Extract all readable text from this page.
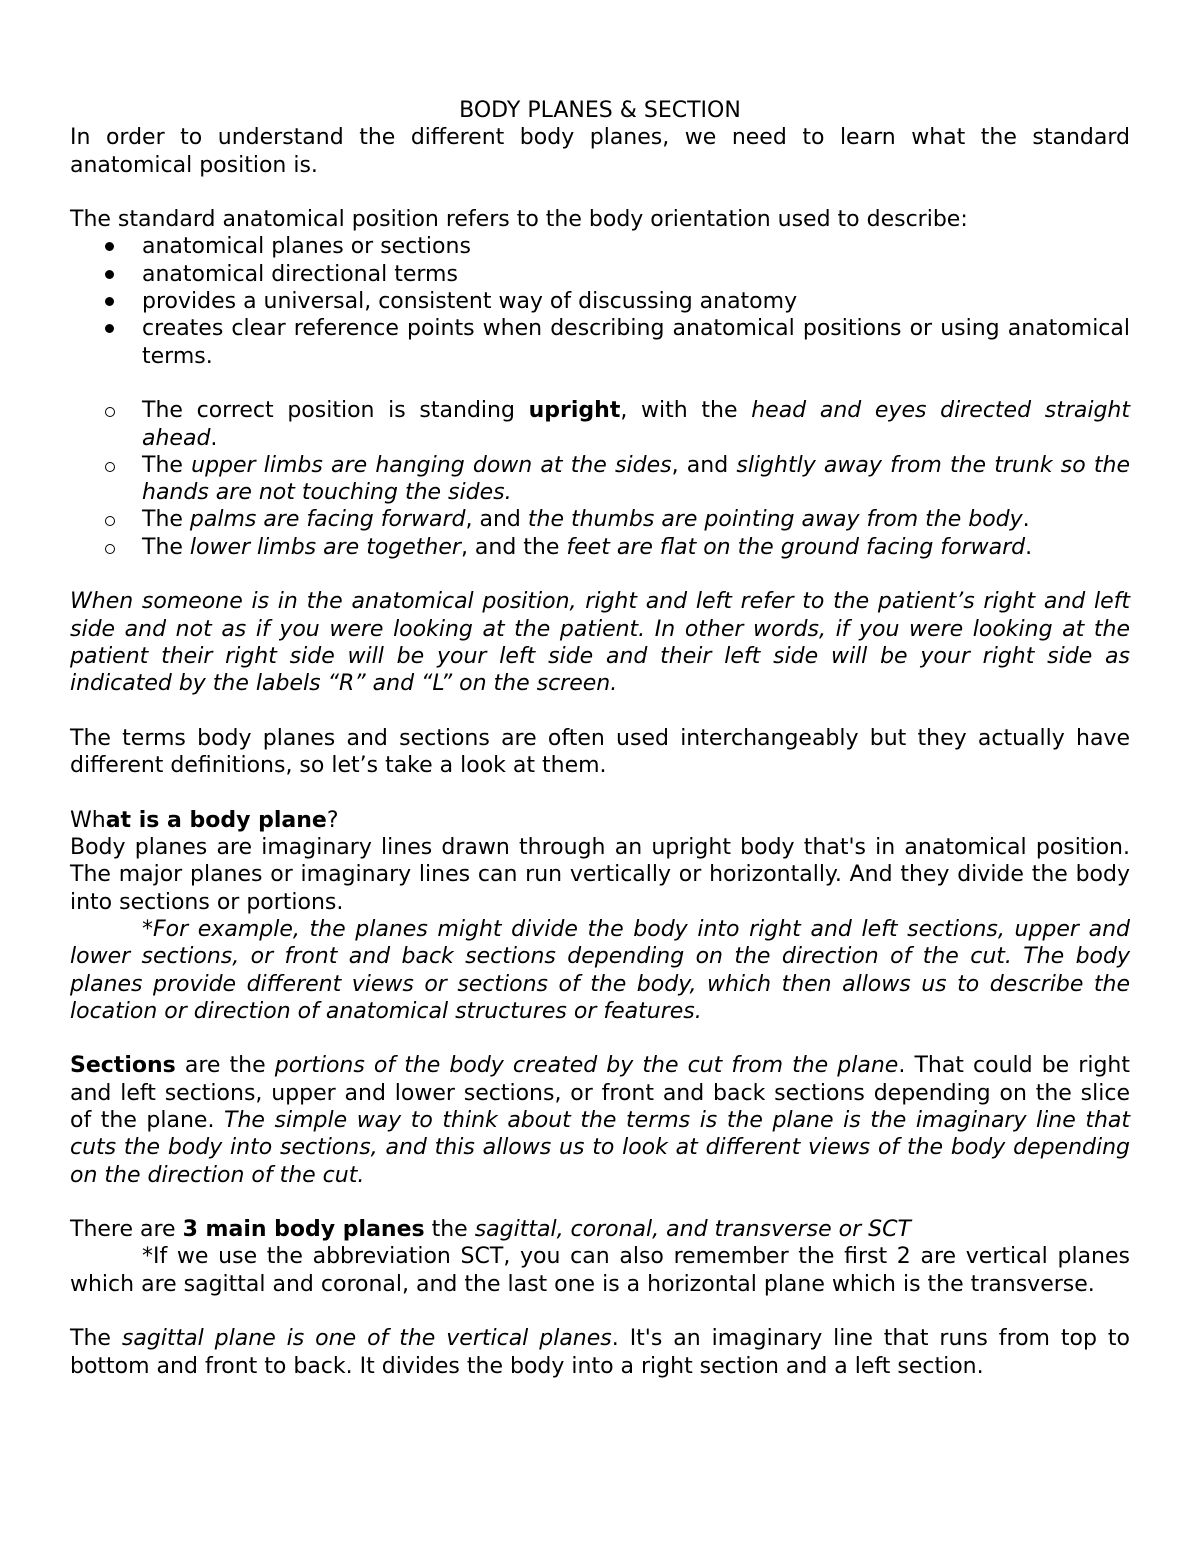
BODY PLANES & SECTION

In order to understand the different body planes, we need to learn what the standard anatomical position is.

The standard anatomical position refers to the body orientation used to describe:

anatomical planes or sections
anatomical directional terms
provides a universal, consistent way of discussing anatomy
creates clear reference points when describing anatomical positions or using anatomical terms.
The correct position is standing upright, with the head and eyes directed straight ahead.
The upper limbs are hanging down at the sides, and slightly away from the trunk so the hands are not touching the sides.
The palms are facing forward, and the thumbs are pointing away from the body.
The lower limbs are together, and the feet are flat on the ground facing forward.

When someone is in the anatomical position, right and left refer to the patient’s right and left side and not as if you were looking at the patient. In other words, if you were looking at the patient their right side will be your left side and their left side will be your right side as indicated by the labels “R” and “L” on the screen.

The terms body planes and sections are often used interchangeably but they actually have different definitions, so let’s take a look at them.

What is a body plane?

Body planes are imaginary lines drawn through an upright body that's in anatomical position. The major planes or imaginary lines can run vertically or horizontally. And they divide the body into sections or portions.

*For example, the planes might divide the body into right and left sections, upper and lower sections, or front and back sections depending on the direction of the cut. The body planes provide different views or sections of the body, which then allows us to describe the location or direction of anatomical structures or features.

Sections are the portions of the body created by the cut from the plane. That could be right and left sections, upper and lower sections, or front and back sections depending on the slice of the plane. The simple way to think about the terms is the plane is the imaginary line that cuts the body into sections, and this allows us to look at different views of the body depending on the direction of the cut.

There are 3 main body planes the sagittal, coronal, and transverse or SCT

*If we use the abbreviation SCT, you can also remember the first 2 are vertical planes which are sagittal and coronal, and the last one is a horizontal plane which is the transverse.

The sagittal plane is one of the vertical planes. It's an imaginary line that runs from top to bottom and front to back. It divides the body into a right section and a left section.
